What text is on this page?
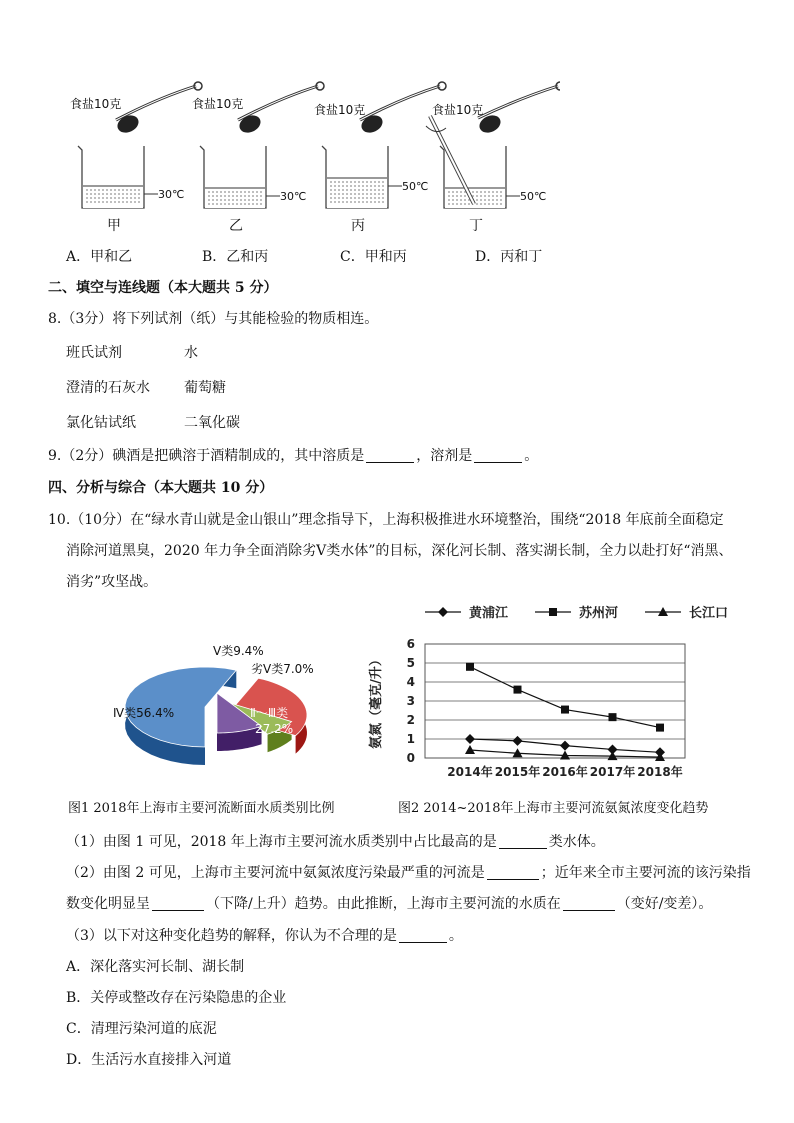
食盐10克
30℃
甲
食盐10克
30℃
乙
食盐10克
50℃
丙
食盐10克
50℃
丁
A．甲和乙	B．乙和丙	C．甲和丙	D．丙和丁
二、填空与连线题（本大题共 5 分）
8.（3分）将下列试剂（纸）与其能检验的物质相连。
班氏试剂	水
澄清的石灰水 葡萄糖
氯化钴试纸	二氧化碳
9.（2分）碘酒是把碘溶于酒精制成的，其中溶质是	，溶剂是	。
四、分析与综合（本大题共 10 分）
10.（10分）在“绿水青山就是金山银山”理念指导下，上海积极推进水环境整治，围绕“2018 年底前全面稳定
消除河道黑臭，2020 年力争全面消除劣Ⅴ类水体”的目标，深化河长制、落实湖长制，全力以赴打好“消黑、
消劣”攻坚战。
Ⅳ类56.4%
Ⅴ类9.4%
劣Ⅴ类7.0%
Ⅱ～Ⅲ类
27.2%
图1 2018年上海市主要河流断面水质类别比例
黄浦江	苏州河	长江口
0
1
2
3
4
5
6
2014年 2015年 2016年 2017年 2018年
氨氮（毫克/升）
图2 2014~2018年上海市主要河流氨氮浓度变化趋势
（1）由图 1 可见，2018 年上海市主要河流水质类别中占比最高的是	类水体。
（2）由图 2 可见，上海市主要河流中氨氮浓度污染最严重的河流是	；近年来全市主要河流的该污染指
数变化明显呈	（下降/上升）趋势。由此推断，上海市主要河流的水质在	（变好/变差）。
（3）以下对这种变化趋势的解释，你认为不合理的是	。
A．深化落实河长制、湖长制
B．关停或整改存在污染隐患的企业
C．清理污染河道的底泥
D．生活污水直接排入河道
